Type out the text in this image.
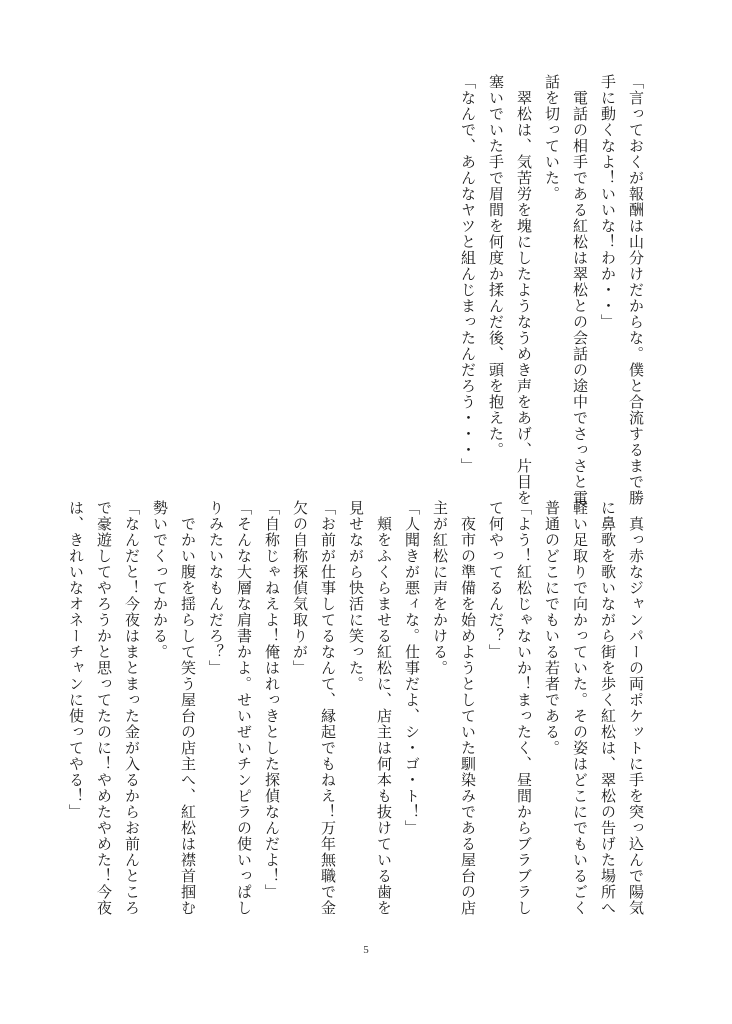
「言っておくが報酬は山分けだからな。僕と合流するまで勝
手に動くなよ！いいな！わか・・」
　電話の相手である紅松は翠松との会話の途中でさっさと電
話を切っていた。
　翠松は、気苦労を塊にしたようなうめき声をあげ、片目を
塞いでいた手で眉間を何度か揉んだ後、頭を抱えた。
「なんで、あんなヤツと組んじまったんだろう・・・」
　真っ赤なジャンパーの両ポケットに手を突っ込んで陽気
に鼻歌を歌いながら街を歩く紅松は、翠松の告げた場所へ
軽い足取りで向かっていた。その姿はどこにでもいるごく
普通のどこにでもいる若者である。
「よう！紅松じゃないか！まったく、昼間からブラブラし
て何やってるんだ？」
　夜市の準備を始めようとしていた馴染みである屋台の店
主が紅松に声をかける。
「人聞きが悪ィな。仕事だよ、シ・ゴ・ト！」
　頬をふくらませる紅松に、店主は何本も抜けている歯を
見せながら快活に笑った。
「お前が仕事してるなんて、縁起でもねえ！万年無職で金
欠の自称探偵気取りが」
「自称じゃねえよ！俺はれっきとした探偵なんだよ！」
「そんな大層な肩書かよ。せいぜいチンピラの使いっぱし
りみたいなもんだろ？」
　でかい腹を揺らして笑う屋台の店主へ、紅松は襟首掴む
勢いでくってかかる。
「なんだと！今夜はまとまった金が入るからお前んところ
で豪遊してやろうかと思ってたのに！やめたやめた！今夜
は、きれいなオネーチャンに使ってやる！」
5
